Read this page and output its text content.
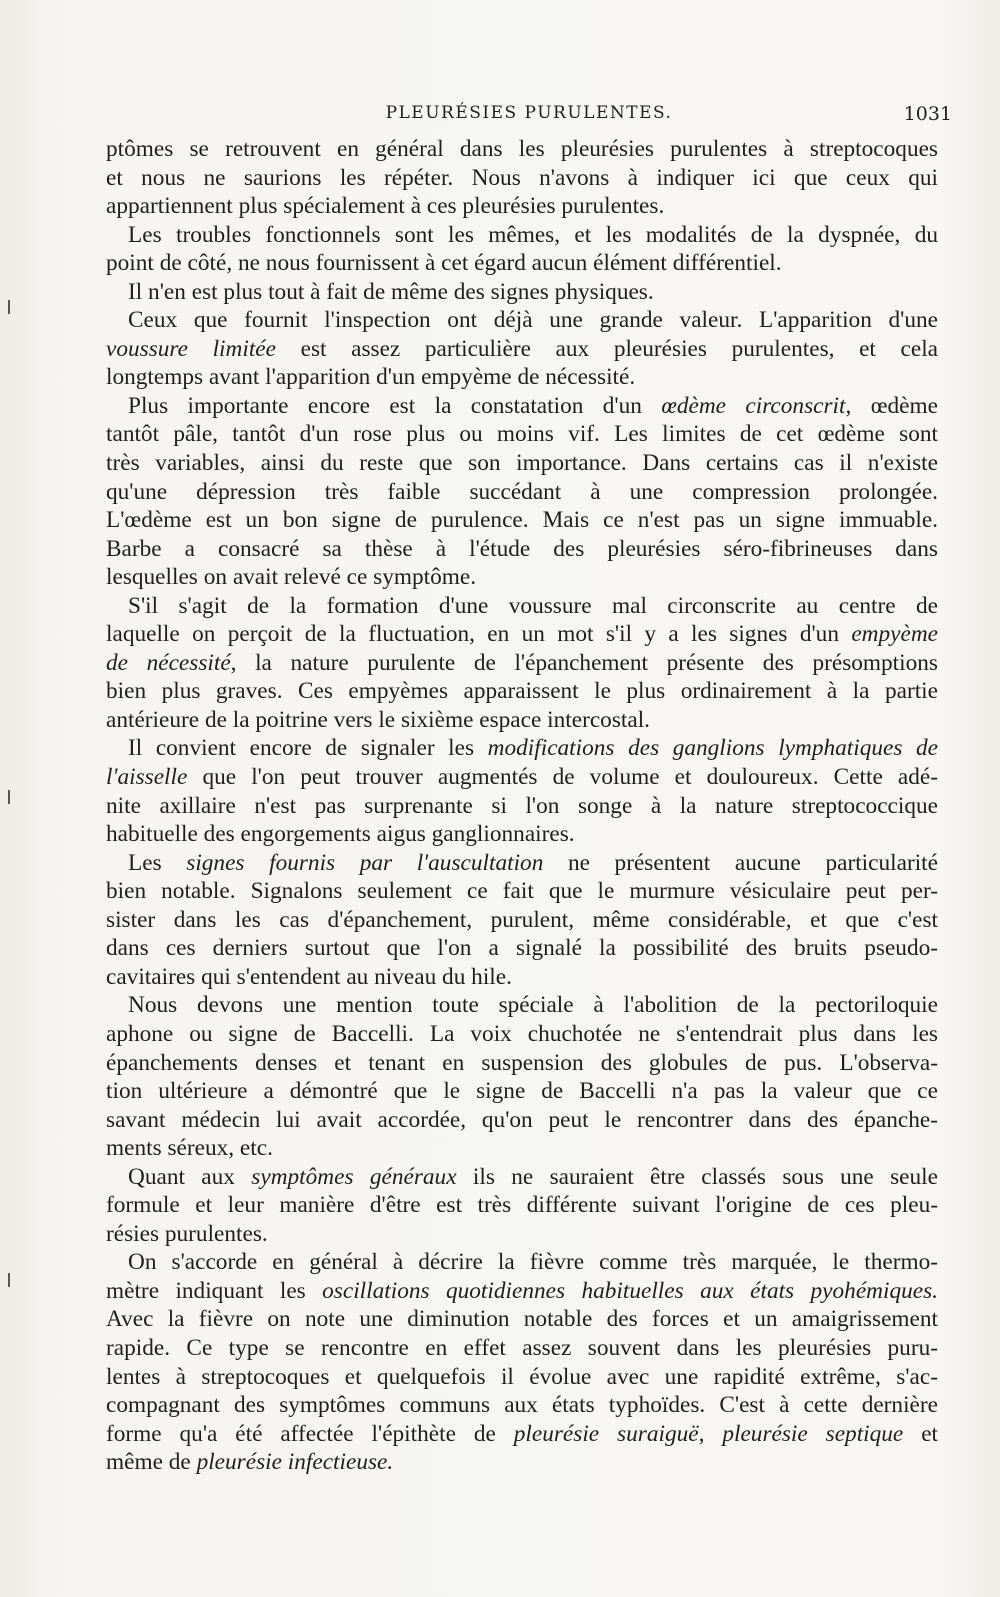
PLEURÉSIES PURULENTES.	1031

ptômes se retrouvent en général dans les pleurésies purulentes à streptocoques

et nous ne saurions les répéter. Nous n'avons à indiquer ici que ceux qui

appartiennent plus spécialement à ces pleurésies purulentes.

Les troubles fonctionnels sont les mêmes, et les modalités de la dyspnée, du

point de côté, ne nous fournissent à cet égard aucun élément différentiel.

Il n'en est plus tout à fait de même des signes physiques.

Ceux que fournit l'inspection ont déjà une grande valeur. L'apparition d'une

voussure limitée est assez particulière aux pleurésies purulentes, et cela

longtemps avant l'apparition d'un empyème de nécessité.

Plus importante encore est la constatation d'un œdème circonscrit, œdème

tantôt pâle, tantôt d'un rose plus ou moins vif. Les limites de cet œdème sont

très variables, ainsi du reste que son importance. Dans certains cas il n'existe

qu'une dépression très faible succédant à une compression prolongée.

L'œdème est un bon signe de purulence. Mais ce n'est pas un signe immuable.

Barbe a consacré sa thèse à l'étude des pleurésies séro-fibrineuses dans

lesquelles on avait relevé ce symptôme.

S'il s'agit de la formation d'une voussure mal circonscrite au centre de

laquelle on perçoit de la fluctuation, en un mot s'il y a les signes d'un empyème

de nécessité, la nature purulente de l'épanchement présente des présomptions

bien plus graves. Ces empyèmes apparaissent le plus ordinairement à la partie

antérieure de la poitrine vers le sixième espace intercostal.

Il convient encore de signaler les modifications des ganglions lymphatiques de

l'aisselle que l'on peut trouver augmentés de volume et douloureux. Cette adé-

nite axillaire n'est pas surprenante si l'on songe à la nature streptococcique

habituelle des engorgements aigus ganglionnaires.

Les signes fournis par l'auscultation ne présentent aucune particularité

bien notable. Signalons seulement ce fait que le murmure vésiculaire peut per-

sister dans les cas d'épanchement, purulent, même considérable, et que c'est

dans ces derniers surtout que l'on a signalé la possibilité des bruits pseudo-

cavitaires qui s'entendent au niveau du hile.

Nous devons une mention toute spéciale à l'abolition de la pectoriloquie

aphone ou signe de Baccelli. La voix chuchotée ne s'entendrait plus dans les

épanchements denses et tenant en suspension des globules de pus. L'observa-

tion ultérieure a démontré que le signe de Baccelli n'a pas la valeur que ce

savant médecin lui avait accordée, qu'on peut le rencontrer dans des épanche-

ments séreux, etc.

Quant aux symptômes généraux ils ne sauraient être classés sous une seule

formule et leur manière d'être est très différente suivant l'origine de ces pleu-

résies purulentes.

On s'accorde en général à décrire la fièvre comme très marquée, le thermo-

mètre indiquant les oscillations quotidiennes habituelles aux états pyohémiques.

Avec la fièvre on note une diminution notable des forces et un amaigrissement

rapide. Ce type se rencontre en effet assez souvent dans les pleurésies puru-

lentes à streptocoques et quelquefois il évolue avec une rapidité extrême, s'ac-

compagnant des symptômes communs aux états typhoïdes. C'est à cette dernière

forme qu'a été affectée l'épithète de pleurésie suraiguë, pleurésie septique et

même de pleurésie infectieuse.
